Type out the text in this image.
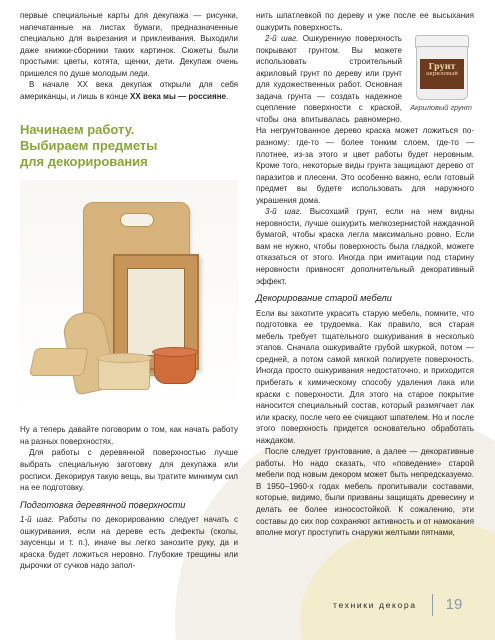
первые специальные карты для декупажа — рисунки, напечатанные на листах бумаги, предназначенные специально для вырезания и приклеивания. Выходили даже книжки-сборники таких картинок. Сюжеты были простыми: цветы, котята, щенки, дети. Декупаж очень пришелся по душе молодым леди.

В начале XX века декупаж открыли для себя американцы, и лишь в конце XX века мы — россияне.

Начинаем работу.
Выбираем предметы
для декорирования

Ну а теперь давайте поговорим о том, как начать работу на разных поверхностях.

Для работы с деревянной поверхностью лучше выбрать специальную заготовку для декупажа или росписи. Декорируя такую вещь, вы тратите минимум сил на ее подготовку.

Подготовка деревянной поверхности

1-й шаг. Работы по декорированию следует начать с ошкуривания, если на дереве есть дефекты (сколы, заусенцы и т. п.), иначе вы легко занозите руку, да и краска будет ложиться неровно. Глубокие трещины или дырочки от сучков надо запол-

нить шпатлевкой по дереву и уже после ее высыхания ошкурить поверхность.

Грунт
акриловый
Акриловый грунт

2-й шаг. Ошкуренную поверхность покрывают грунтом. Вы можете использовать строительный акриловый грунт по дереву или грунт для художественных работ. Основная задача грунта — создать надежное сцепление поверхности с краской, чтобы она впитывалась равномерно. На негрунтованное дерево краска может ложиться по-разному: где-то — более тонким слоем, где-то — плотнее, из-за этого и цвет работы будет неровным. Кроме того, некоторые виды грунта защищают дерево от паразитов и плесени. Это особенно важно, если готовый предмет вы будете использовать для наружного украшения дома.

3-й шаг. Высохший грунт, если на нем видны неровности, лучше ошкурить мелкозернистой наждачной бумагой, чтобы краска легла максимально ровно. Если вам не нужно, чтобы поверхность была гладкой, можете отказаться от этого. Иногда при имитации под старину неровности привносят дополнительный декоративный эффект.

Декорирование старой мебели

Если вы захотите украсить старую мебель, помните, что подготовка ее трудоемка. Как правило, вся старая мебель требует тщательного ошкуривания в несколько этапов. Сначала ошкуривайте грубой шкуркой, потом — средней, а потом самой мягкой полируете поверхность. Иногда просто ошкуривания недостаточно, и приходится прибегать к химическому способу удаления лака или краски с поверхности. Для этого на старое покрытие наносится специальный состав, который размягчает лак или краску, после чего ее счищают шпателем. Но и после этого поверхность придется основательно обработать наждаком.

После следует грунтование, а далее — декоративные работы. Но надо сказать, что «поведение» старой мебели под новым декором может быть непредсказуемо. В 1950–1960-х годах мебель пропитывали составами, которые, видимо, были призваны защищать древесину и делать ее более износостойкой. К сожалению, эти составы до сих пор сохраняют активность и от намокания вполне могут проступить снаружи желтыми пятнами,

техники декора	19
